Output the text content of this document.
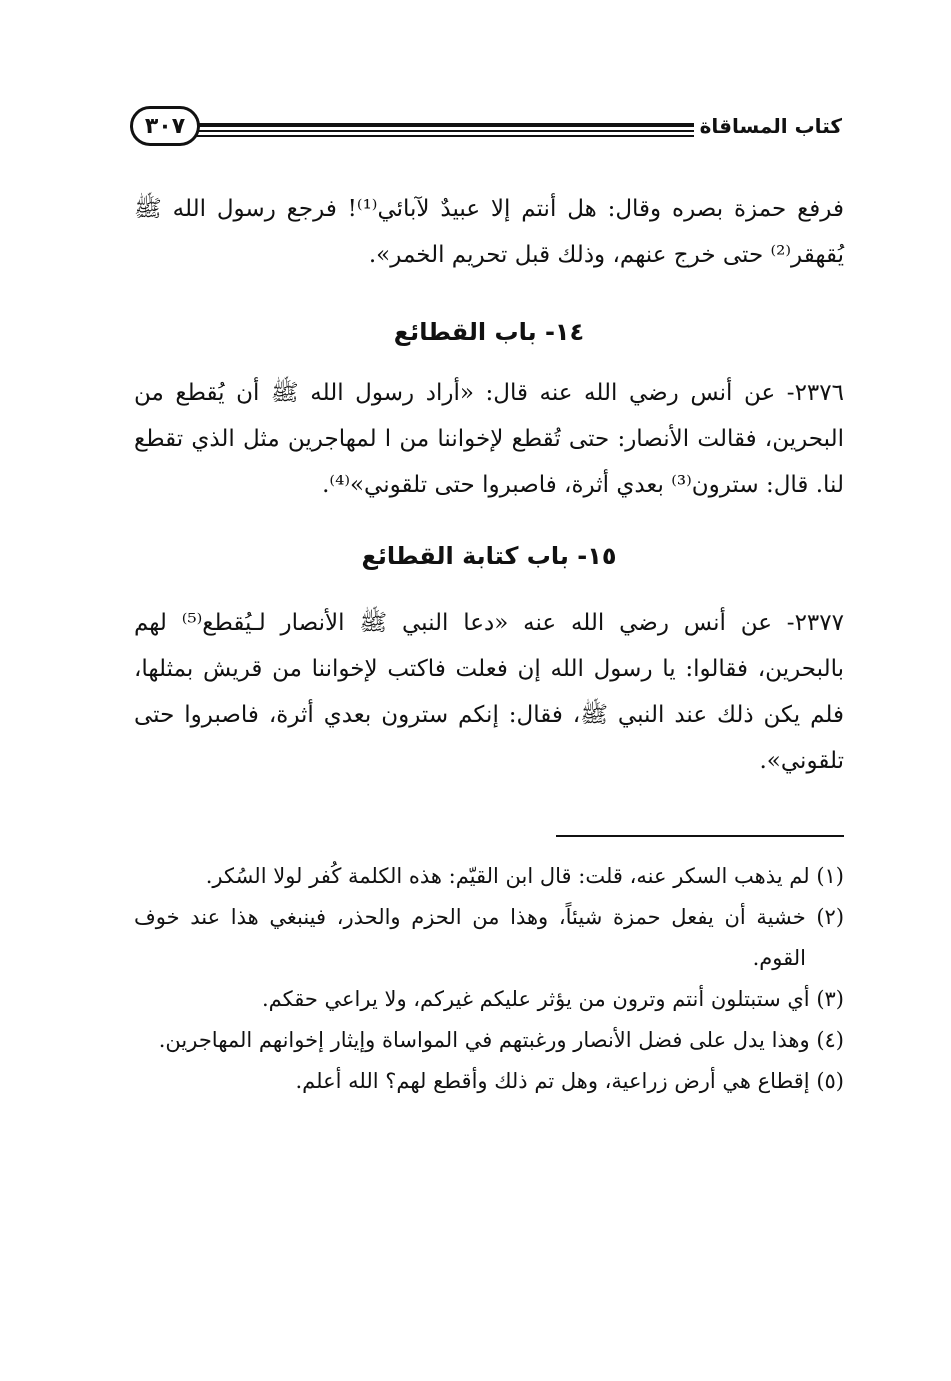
كتاب المساقاة
٣٠٧
فرفع حمزة بصره وقال: هل أنتم إلا عبيدٌ لآبائي⁽¹⁾! فرجع رسول الله ﷺ يُقهقر⁽²⁾ حتى خرج عنهم، وذلك قبل تحريم الخمر».
١٤- باب القطائع
٢٣٧٦- عن أنس رضي الله عنه قال: «أراد رسول الله ﷺ أن يُقطع من البحرين، فقالت الأنصار: حتى تُقطع لإخواننا من ا لمهاجرين مثل الذي تقطع لنا. قال: سترون⁽³⁾ بعدي أثرة، فاصبروا حتى تلقوني»⁽⁴⁾.
١٥- باب كتابة القطائع
٢٣٧٧- عن أنس رضي الله عنه «دعا النبي ﷺ الأنصار لـيُقطع⁽⁵⁾ لهم بالبحرين، فقالوا: يا رسول الله إن فعلت فاكتب لإخواننا من قريش بمثلها، فلم يكن ذلك عند النبي ﷺ، فقال: إنكم سترون بعدي أثرة، فاصبروا حتى تلقوني».
(١) لم يذهب السكر عنه، قلت: قال ابن القيّم: هذه الكلمة كُفر لولا السُكر.
(٢) خشية أن يفعل حمزة شيئاً، وهذا من الحزم والحذر، فينبغي هذا عند خوف القوم.
(٣) أي ستبتلون أنتم وترون من يؤثر عليكم غيركم، ولا يراعي حقكم.
(٤) وهذا يدل على فضل الأنصار ورغبتهم في المواساة وإيثار إخوانهم المهاجرين.
(٥) إقطاع هي أرض زراعية، وهل تم ذلك وأقطع لهم؟ الله أعلم.
